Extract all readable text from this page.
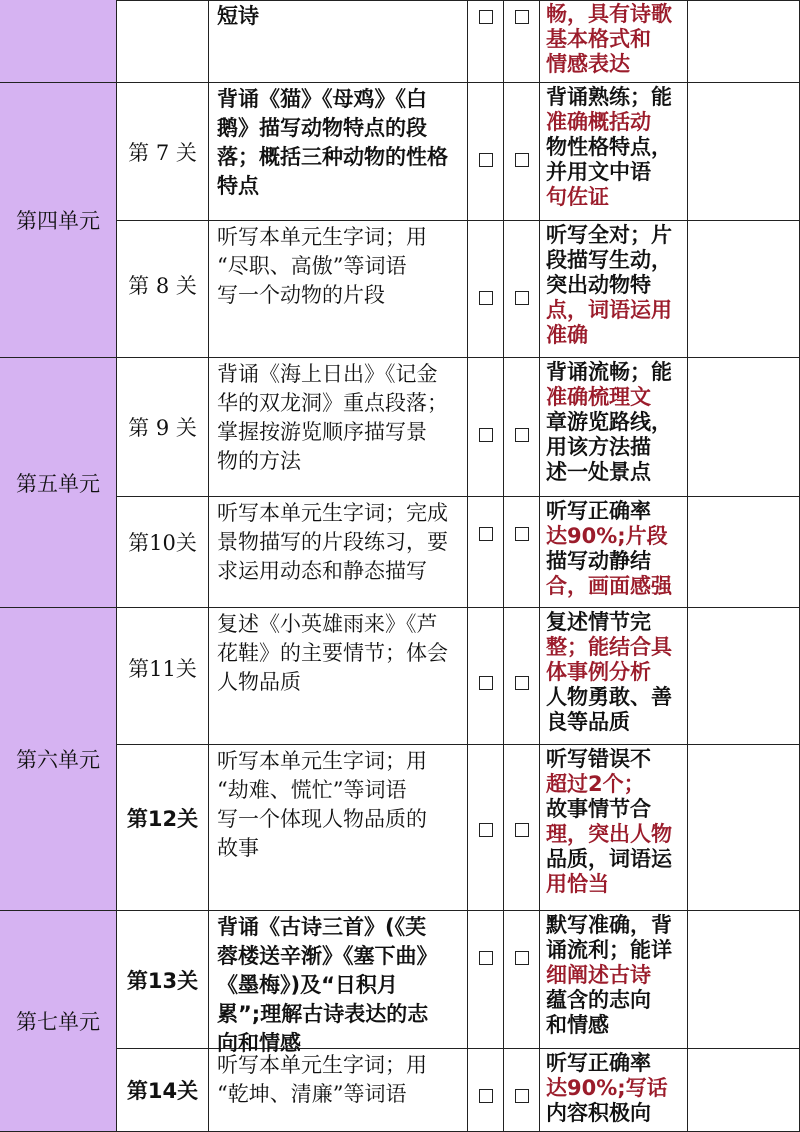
第四单元
第五单元
第六单元
第七单元
短诗	畅，具有诗歌
基本格式和
情感表达
第 7 关
背诵《猫》《母鸡》《白
鹅》描写动物特点的段
落；概括三种动物的性格
特点
背诵熟练；能
准确概括动
物性格特点，
并用文中语
句佐证
第 8 关
听写本单元生字词；用
“尽职、高傲”等词语
写一个动物的片段
听写全对；片
段描写生动，
突出动物特
点，词语运用
准确
第 9 关
背诵《海上日出》《记金
华的双龙洞》重点段落；
掌握按游览顺序描写景
物的方法
背诵流畅；能
准确梳理文
章游览路线，
用该方法描
述一处景点
第10关
听写本单元生字词；完成
景物描写的片段练习，要
求运用动态和静态描写
听写正确率
达90%;片段
描写动静结
合，画面感强
第11关
复述《小英雄雨来》《芦
花鞋》的主要情节；体会
人物品质
复述情节完
整；能结合具
体事例分析
人物勇敢、善
良等品质
第12关
听写本单元生字词；用
“劫难、慌忙”等词语
写一个体现人物品质的
故事
听写错误不
超过2个；
故事情节合
理，突出人物
品质，词语运
用恰当
第13关
背诵《古诗三首》(《芙
蓉楼送辛渐》《塞下曲》
《墨梅》)及“日积月
累”;理解古诗表达的志
向和情感
默写准确，背
诵流利；能详
细阐述古诗
蕴含的志向
和情感
第14关
听写本单元生字词；用
“乾坤、清廉”等词语
听写正确率
达90%;写话
内容积极向
